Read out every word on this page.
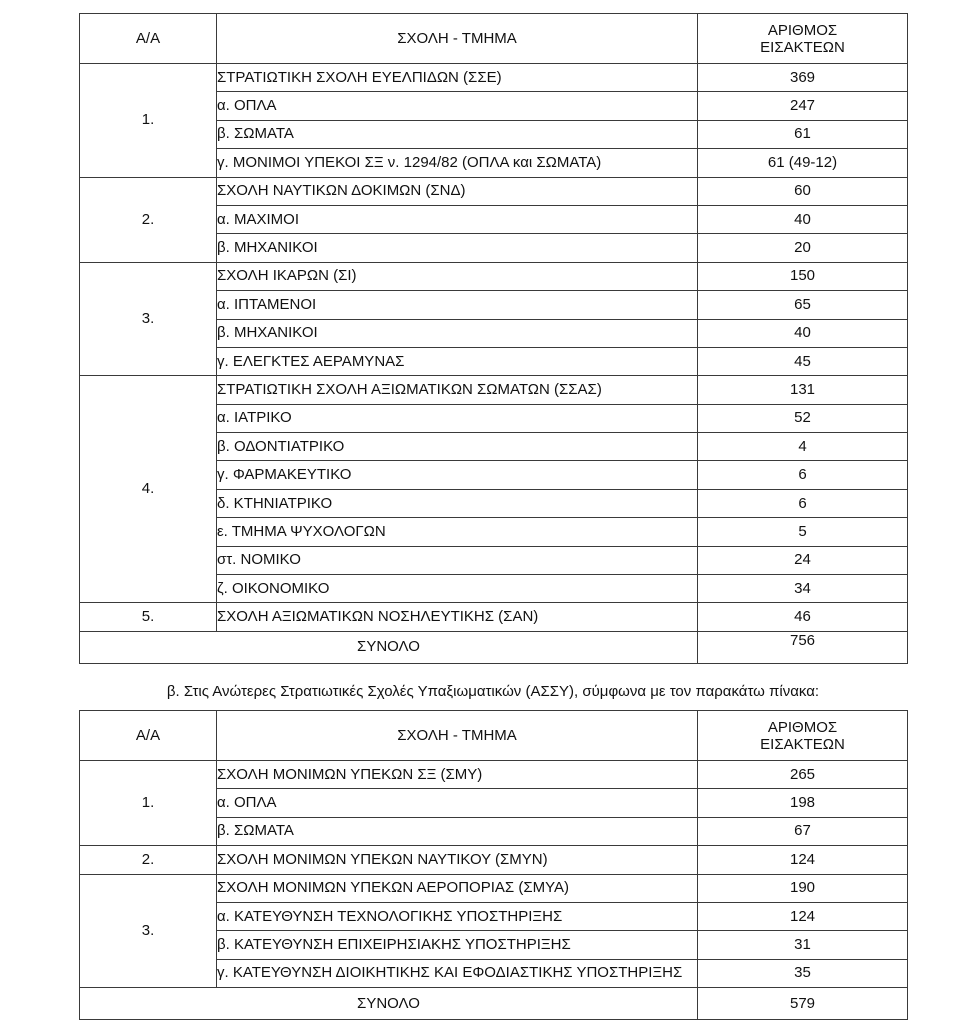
Α/Α	ΣΧΟΛΗ - ΤΜΗΜΑ	ΑΡΙΘΜΟΣ
ΕΙΣΑΚΤΕΩΝ
1.	ΣΤΡΑΤΙΩΤΙΚΗ ΣΧΟΛΗ ΕΥΕΛΠΙΔΩΝ (ΣΣΕ)	369
	α. ΟΠΛΑ	247
	β. ΣΩΜΑΤΑ	61
	γ. ΜΟΝΙΜΟΙ ΥΠΕΚΟΙ ΣΞ ν. 1294/82 (ΟΠΛΑ και ΣΩΜΑΤΑ)	61 (49-12)
2.	ΣΧΟΛΗ ΝΑΥΤΙΚΩΝ ΔΟΚΙΜΩΝ (ΣΝΔ)	60
	α. ΜΑΧΙΜΟΙ	40
	β. ΜΗΧΑΝΙΚΟΙ	20
3.	ΣΧΟΛΗ ΙΚΑΡΩΝ (ΣΙ)	150
	α. ΙΠΤΑΜΕΝΟΙ	65
	β. ΜΗΧΑΝΙΚΟΙ	40
	γ. ΕΛΕΓΚΤΕΣ ΑΕΡΑΜΥΝΑΣ	45
4.	ΣΤΡΑΤΙΩΤΙΚΗ ΣΧΟΛΗ ΑΞΙΩΜΑΤΙΚΩΝ ΣΩΜΑΤΩΝ (ΣΣΑΣ)	131
	α. ΙΑΤΡΙΚΟ	52
	β. ΟΔΟΝΤΙΑΤΡΙΚΟ	4
	γ. ΦΑΡΜΑΚΕΥΤΙΚΟ	6
	δ. ΚΤΗΝΙΑΤΡΙΚΟ	6
	ε. ΤΜΗΜΑ ΨΥΧΟΛΟΓΩΝ	5
	στ. ΝΟΜΙΚΟ	24
	ζ. ΟΙΚΟΝΟΜΙΚΟ	34
5.	ΣΧΟΛΗ ΑΞΙΩΜΑΤΙΚΩΝ ΝΟΣΗΛΕΥΤΙΚΗΣ (ΣΑΝ)	46
ΣΥΝΟΛΟ		756
β. Στις Ανώτερες Στρατιωτικές Σχολές Υπαξιωματικών (ΑΣΣΥ), σύμφωνα με τον παρακάτω πίνακα:
Α/Α	ΣΧΟΛΗ - ΤΜΗΜΑ	ΑΡΙΘΜΟΣ
ΕΙΣΑΚΤΕΩΝ
1.	ΣΧΟΛΗ ΜΟΝΙΜΩΝ ΥΠΕΚΩΝ ΣΞ (ΣΜΥ)	265
	α. ΟΠΛΑ	198
	β. ΣΩΜΑΤΑ	67
2.	ΣΧΟΛΗ ΜΟΝΙΜΩΝ ΥΠΕΚΩΝ ΝΑΥΤΙΚΟΥ (ΣΜΥΝ)	124
3.	ΣΧΟΛΗ ΜΟΝΙΜΩΝ ΥΠΕΚΩΝ ΑΕΡΟΠΟΡΙΑΣ (ΣΜΥΑ)	190
	α. ΚΑΤΕΥΘΥΝΣΗ ΤΕΧΝΟΛΟΓΙΚΗΣ ΥΠΟΣΤΗΡΙΞΗΣ	124
	β. ΚΑΤΕΥΘΥΝΣΗ ΕΠΙΧΕΙΡΗΣΙΑΚΗΣ ΥΠΟΣΤΗΡΙΞΗΣ	31
	γ. ΚΑΤΕΥΘΥΝΣΗ ΔΙΟΙΚΗΤΙΚΗΣ ΚΑΙ ΕΦΟΔΙΑΣΤΙΚΗΣ ΥΠΟΣΤΗΡΙΞΗΣ	35
ΣΥΝΟΛΟ		579
